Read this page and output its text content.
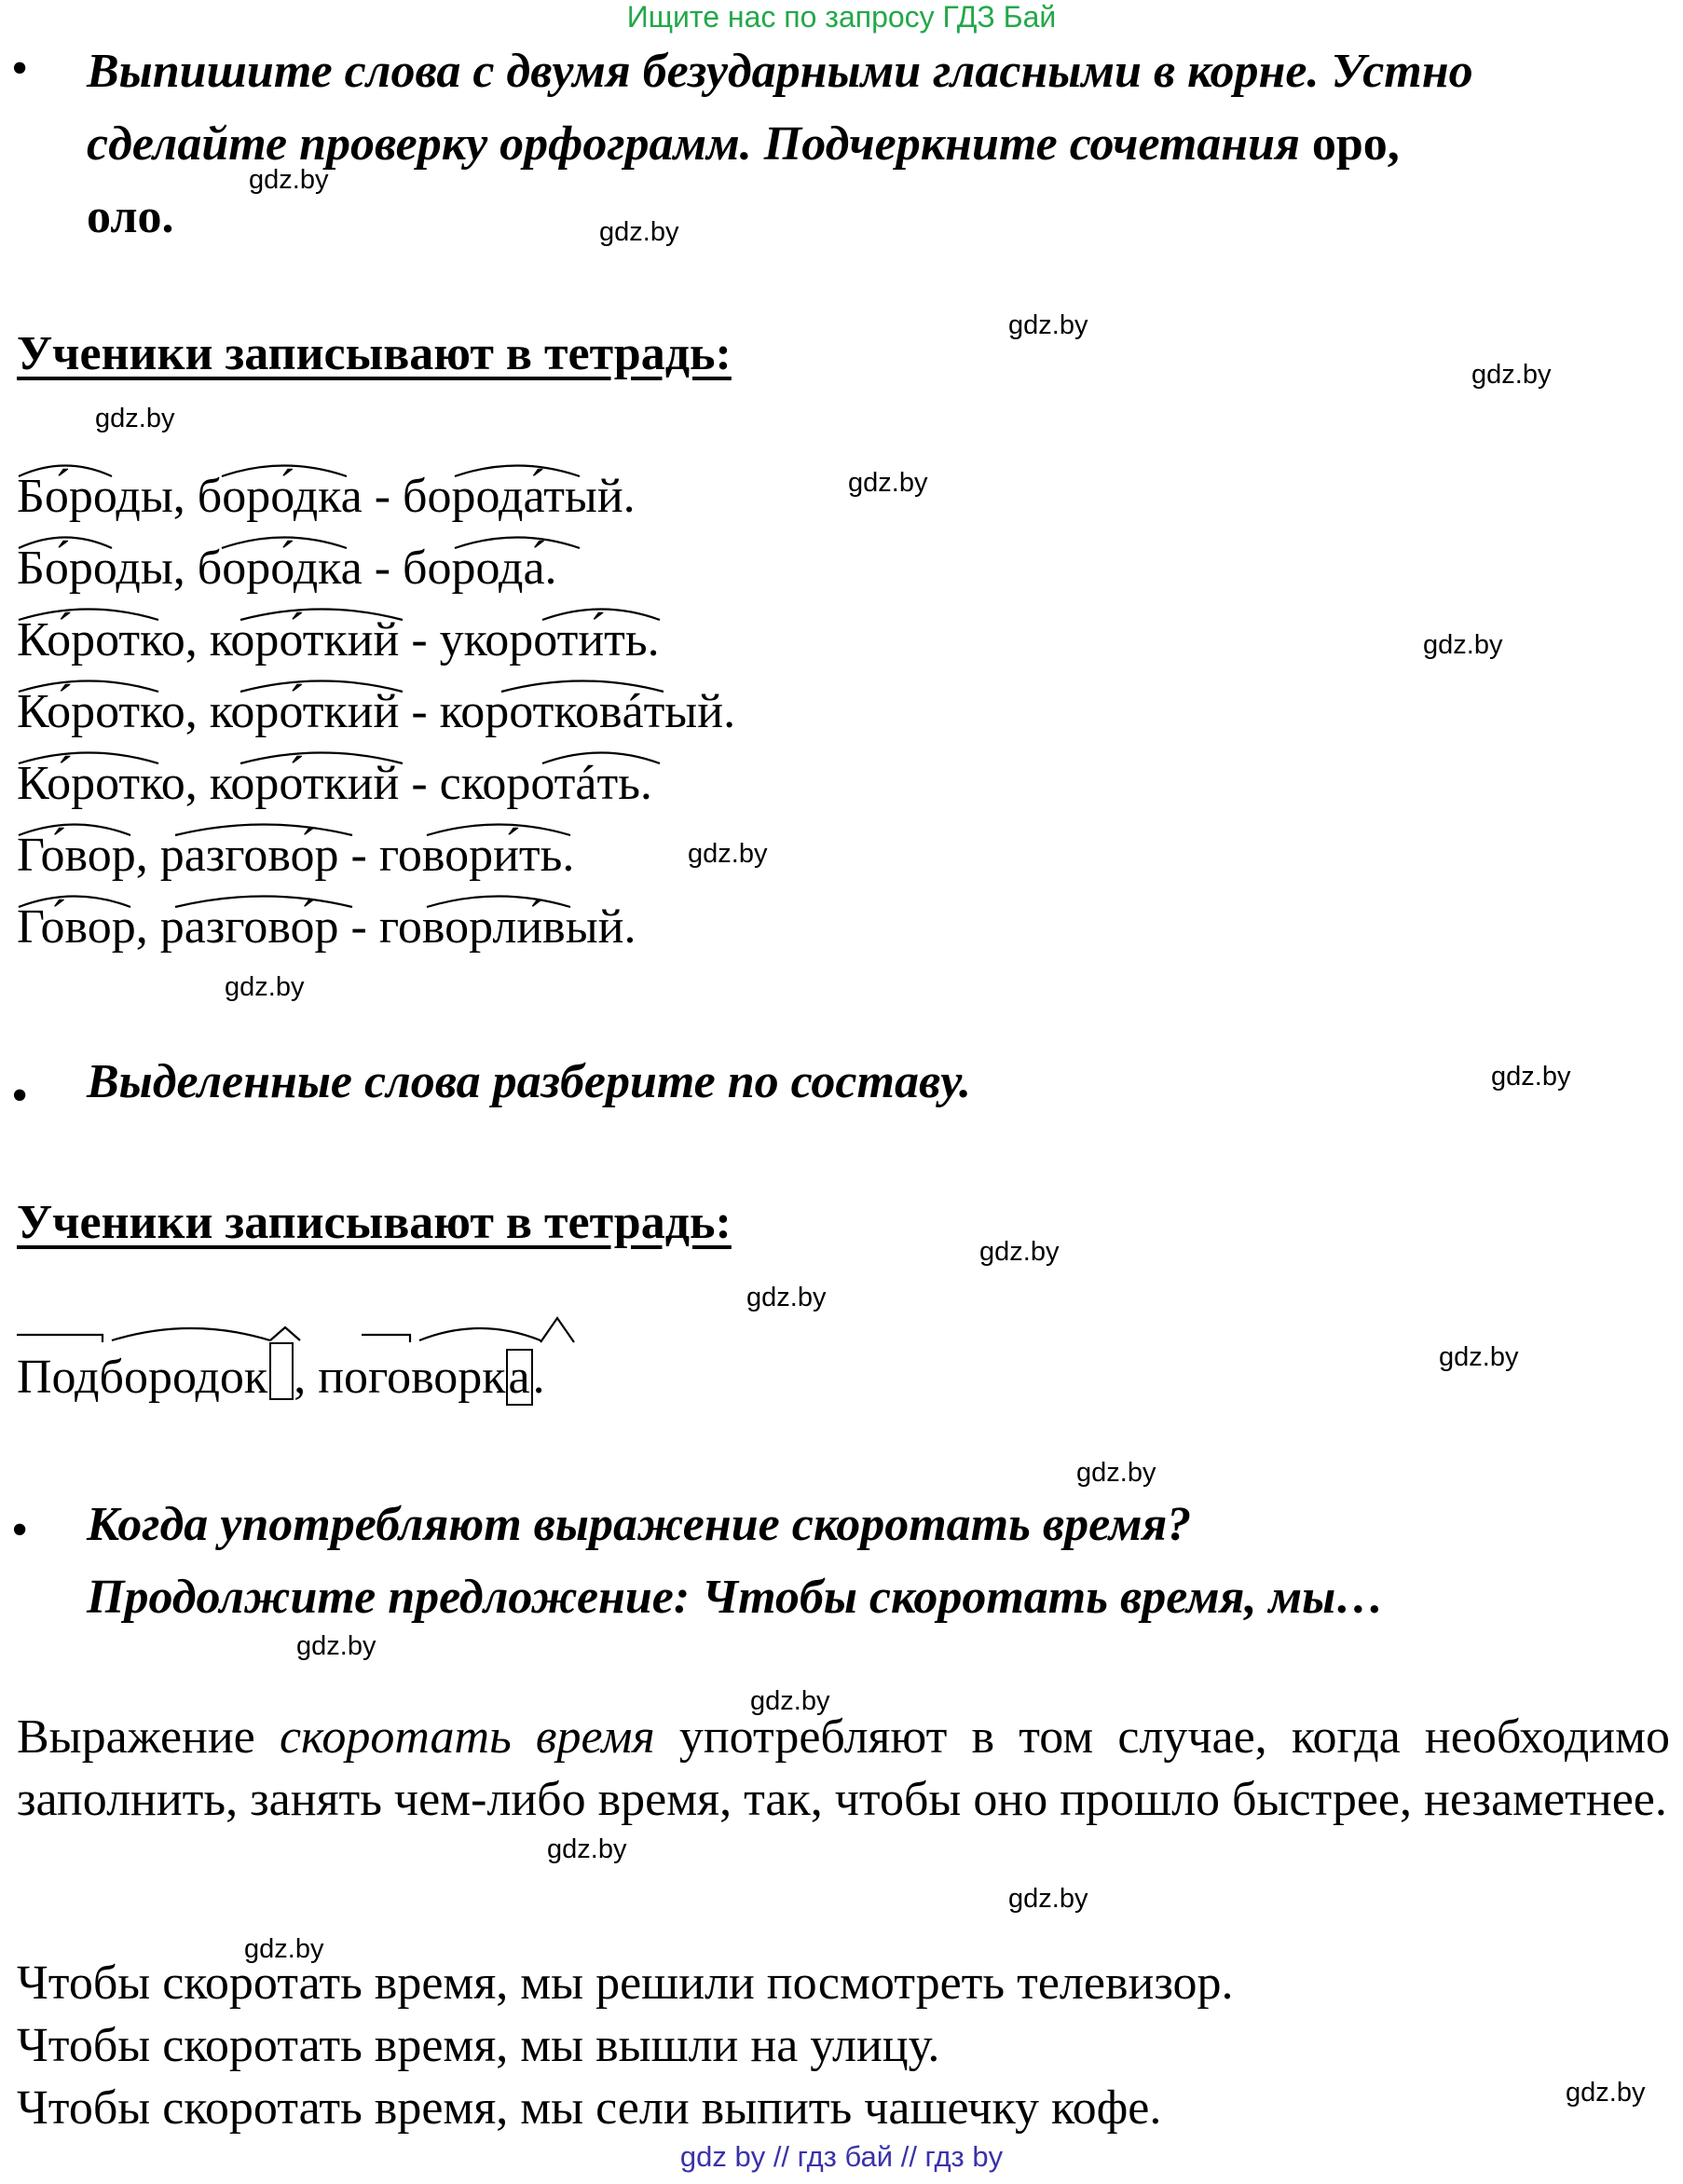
Ищите нас по запросу ГДЗ Бай
•	Выпишите слова с двумя безударными гласными в корне. Устно
сделайте проверку орфограмм. Подчеркните сочетания оро,
оло.
Ученики записывают в тетрадь:
Бо́роды, боро́дка - борода́тый.
Бо́роды, боро́дка - борода́.
Ко́ротко, коро́ткий - укороти́ть.
Ко́ротко, коро́ткий - коротковáтый.
Ко́ротко, коро́ткий - скоротáть.
Го́вор, разгово́р - говори́ть.
Го́вор, разгово́р - говорли́вый.
•	Выделенные слова разберите по составу.
Ученики записывают в тетрадь:
Подбородок , поговорка.
•	Когда употребляют выражение скоротать время?
Продолжите предложение: Чтобы скоротать время, мы…
Выражение скоротать время употребляют в том случае, когда необходимо заполнить, занять чем-либо время, так, чтобы оно прошло быстрее, незаметнее.
Чтобы скоротать время, мы решили посмотреть телевизор.
Чтобы скоротать время, мы вышли на улицу.
Чтобы скоротать время, мы сели выпить чашечку кофе.
gdz.by
gdz.by
gdz.by
gdz.by
gdz.by
gdz.by
gdz.by
gdz.by
gdz.by
gdz.by
gdz.by
gdz.by
gdz.by
gdz.by
gdz.by
gdz.by
gdz.by
gdz.by
gdz.by
gdz.by
gdz by // гдз бай // гдз by
